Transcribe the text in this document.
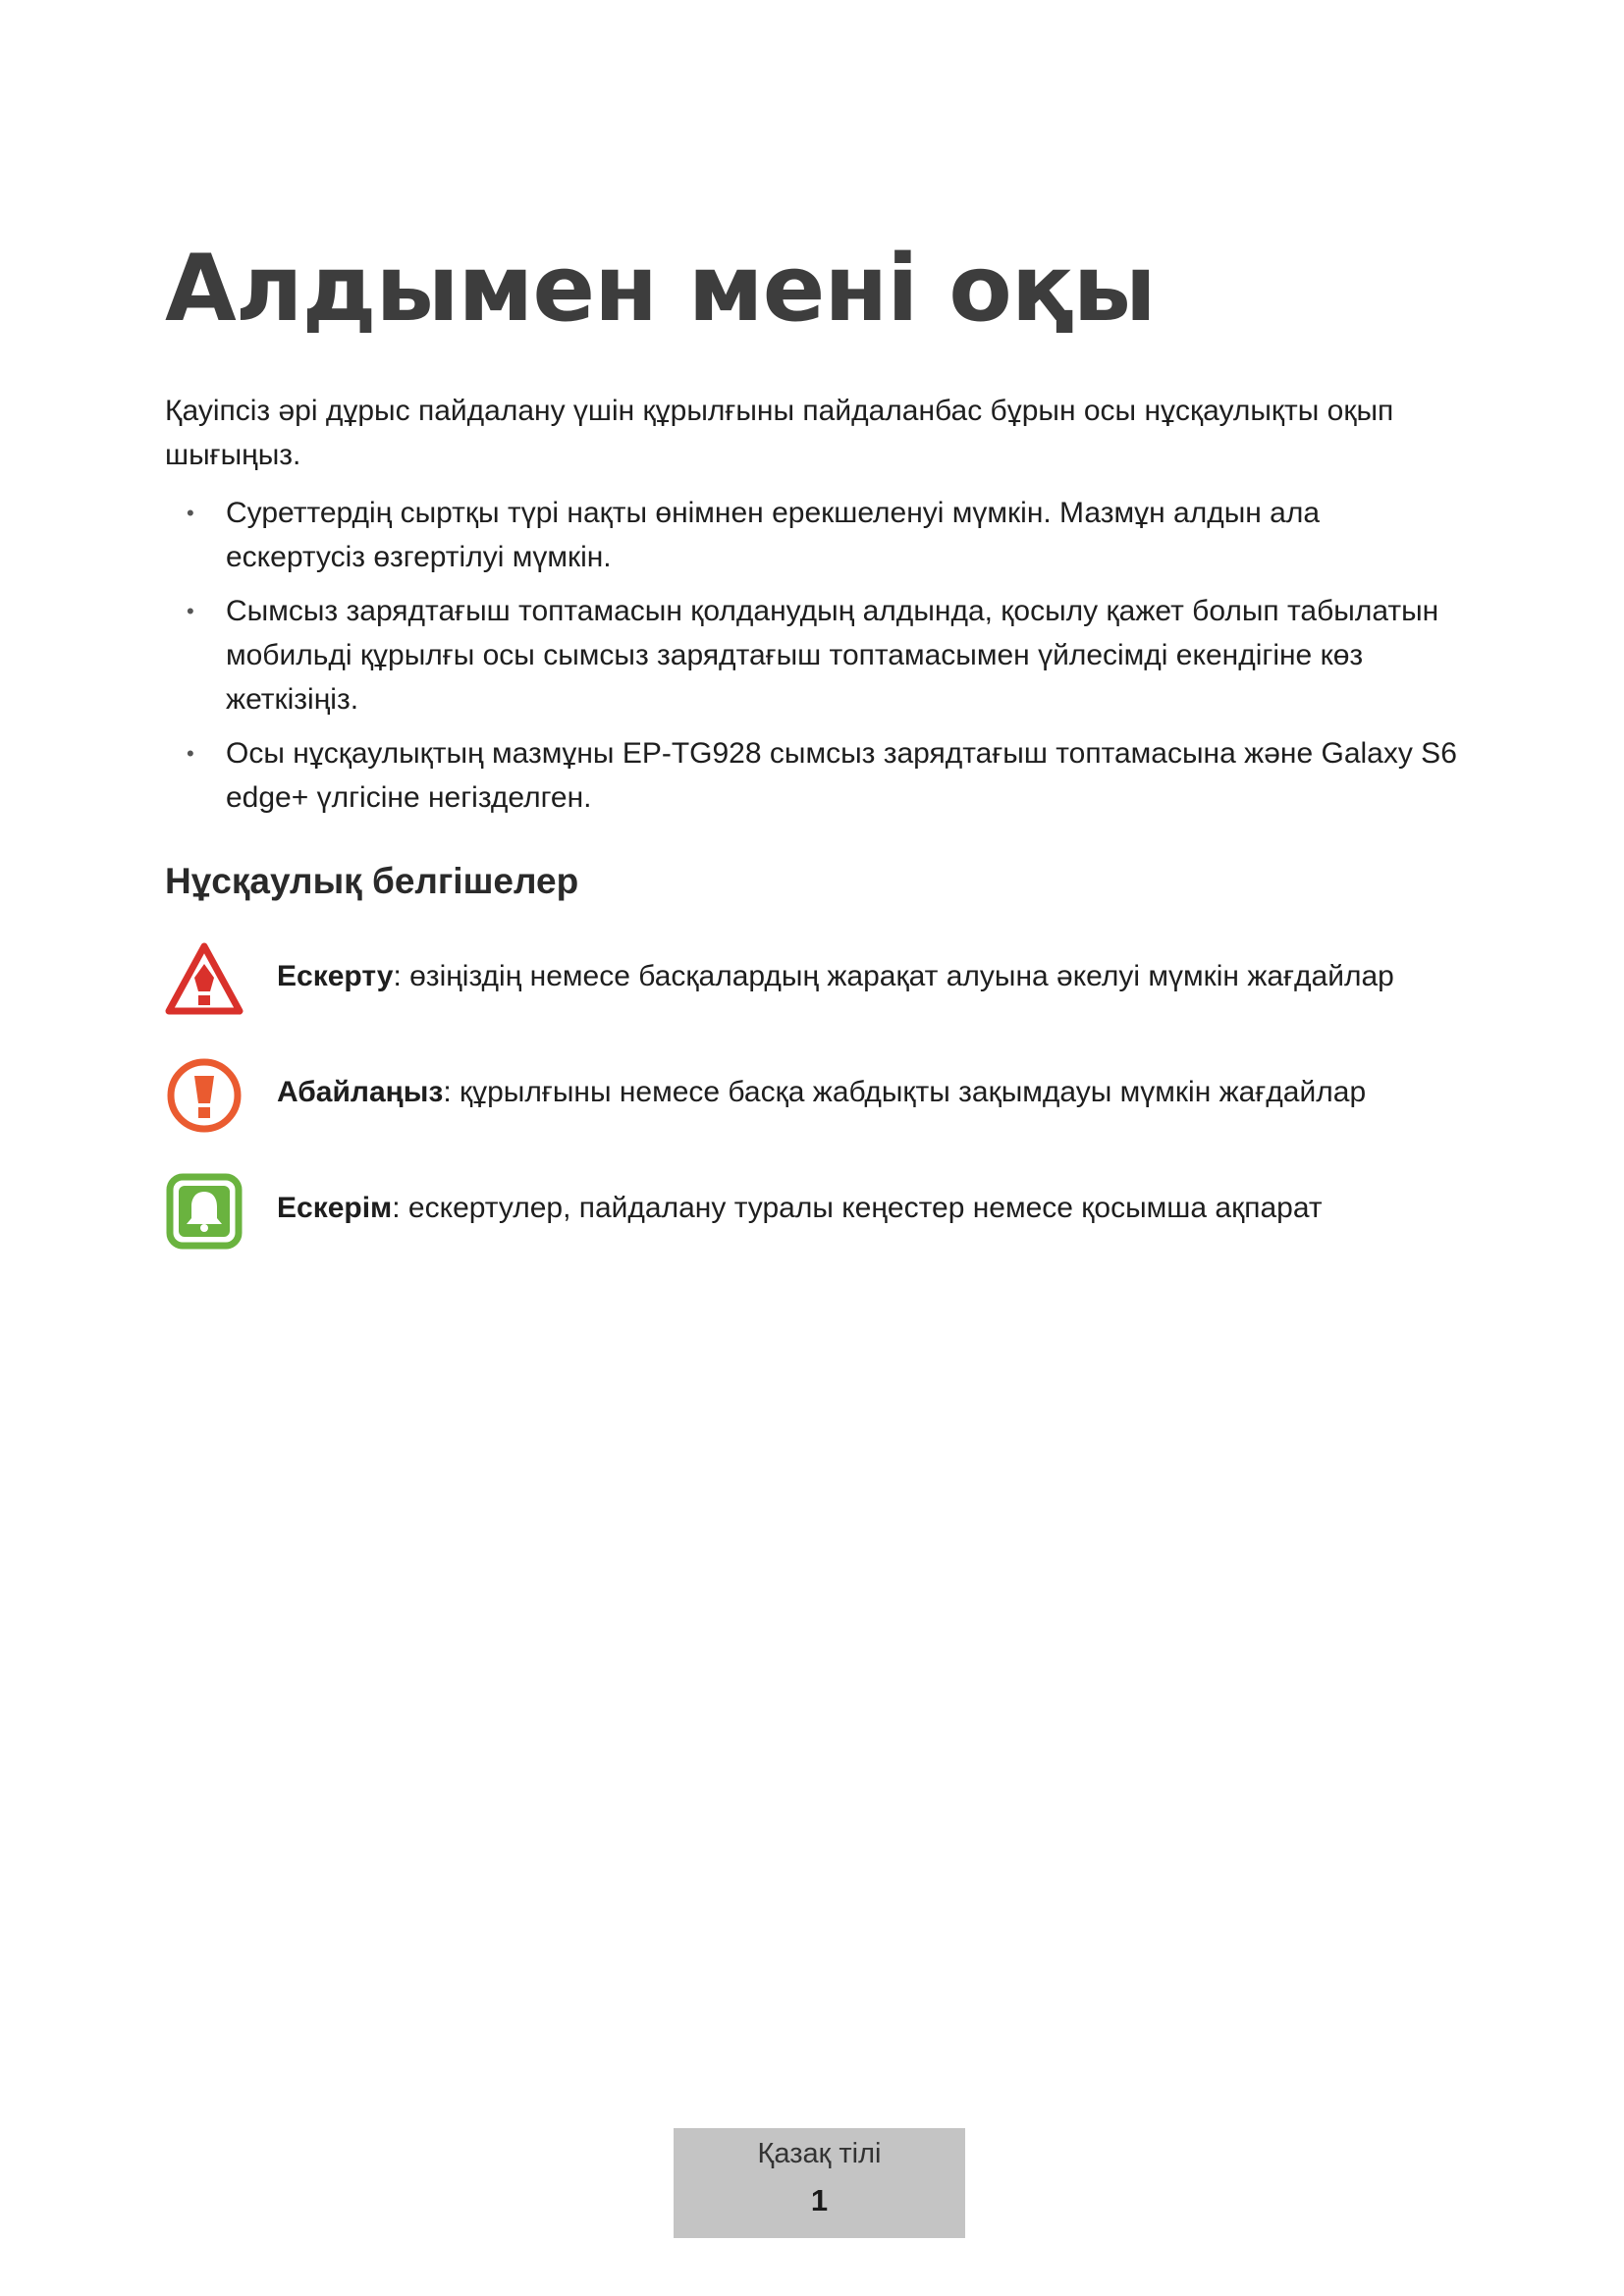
Алдымен мені оқы

Қауіпсіз әрі дұрыс пайдалану үшін құрылғыны пайдаланбас бұрын осы нұсқаулықты оқып шығыңыз.

• Суреттердің сыртқы түрі нақты өнімнен ерекшеленуі мүмкін. Мазмұн алдын ала ескертусіз өзгертілуі мүмкін.
• Сымсыз зарядтағыш топтамасын қолданудың алдында, қосылу қажет болып табылатын мобильді құрылғы осы сымсыз зарядтағыш топтамасымен үйлесімді екендігіне көз жеткізіңіз.
• Осы нұсқаулықтың мазмұны EP-TG928 сымсыз зарядтағыш топтамасына және Galaxy S6 edge+ үлгісіне негізделген.
Нұсқаулық белгішелер
Ескерту: өзіңіздің немесе басқалардың жарақат алуына әкелуі мүмкін жағдайлар
Абайлаңыз: құрылғыны немесе басқа жабдықты зақымдауы мүмкін жағдайлар
Ескерім: ескертулер, пайдалану туралы кеңестер немесе қосымша ақпарат
Қазақ тілі
1
